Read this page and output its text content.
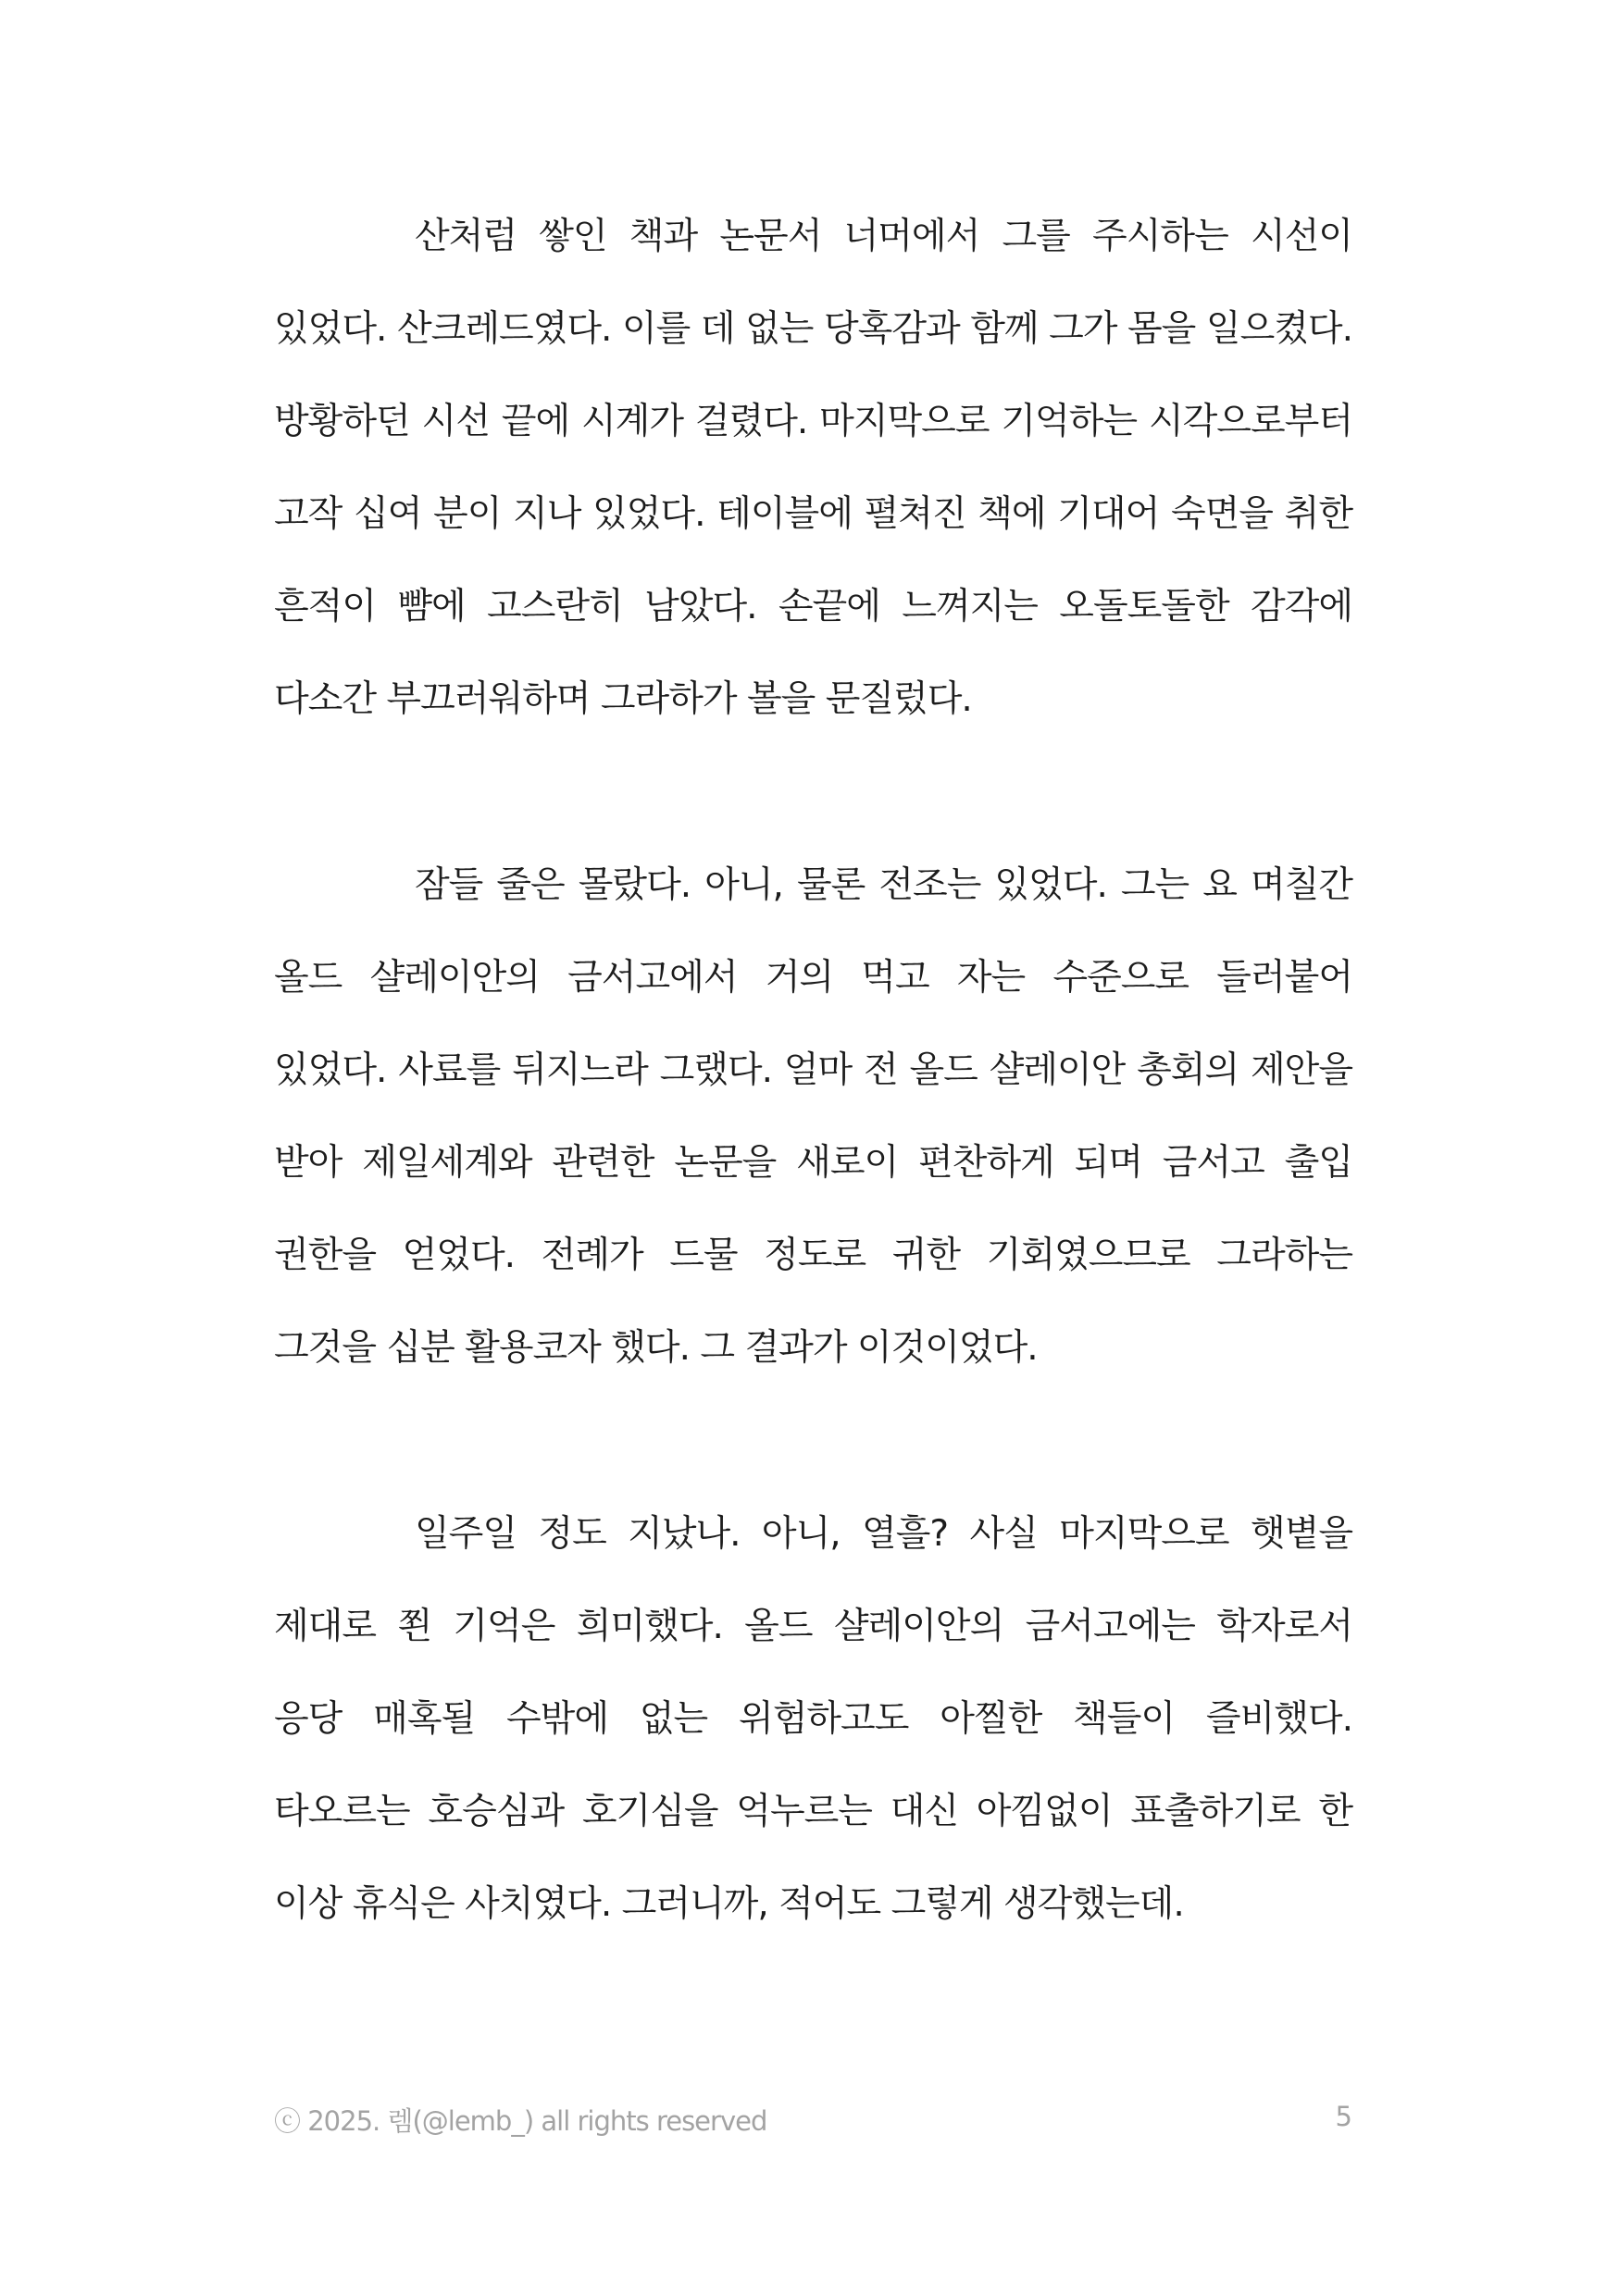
산처럼 쌓인 책과 논문서 너머에서 그를 주시하는 시선이 있었다. 산크레드였다. 이를 데 없는 당혹감과 함께 그가 몸을 일으켰다. 방황하던 시선 끝에 시계가 걸렸다. 마지막으로 기억하는 시각으로부터 고작 십여 분이 지나 있었다. 테이블에 펼쳐진 책에 기대어 숙면을 취한 흔적이 뺨에 고스란히 남았다. 손끝에 느껴지는 오돌토돌한 감각에 다소간 부끄러워하며 그라하가 볼을 문질렀다.

잠들 줄은 몰랐다. 아니, 물론 전조는 있었다. 그는 요 며칠간 올드 샬레이안의 금서고에서 거의 먹고 자는 수준으로 들러붙어 있었다. 사료를 뒤지느라 그랬다. 얼마 전 올드 샬레이안 총회의 제안을 받아 제일세계와 관련한 논문을 새로이 편찬하게 되며 금서고 출입 권한을 얻었다. 전례가 드물 정도로 귀한 기회였으므로 그라하는 그것을 십분 활용코자 했다. 그 결과가 이것이었다.

일주일 정도 지났나. 아니, 열흘? 사실 마지막으로 햇볕을 제대로 쬔 기억은 희미했다. 올드 샬레이안의 금서고에는 학자로서 응당 매혹될 수밖에 없는 위험하고도 아찔한 책들이 즐비했다. 타오르는 호승심과 호기심을 억누르는 대신 아낌없이 표출하기로 한 이상 휴식은 사치였다. 그러니까, 적어도 그렇게 생각했는데.

ⓒ 2025. 렘(@lemb_) all rights reserved	5
